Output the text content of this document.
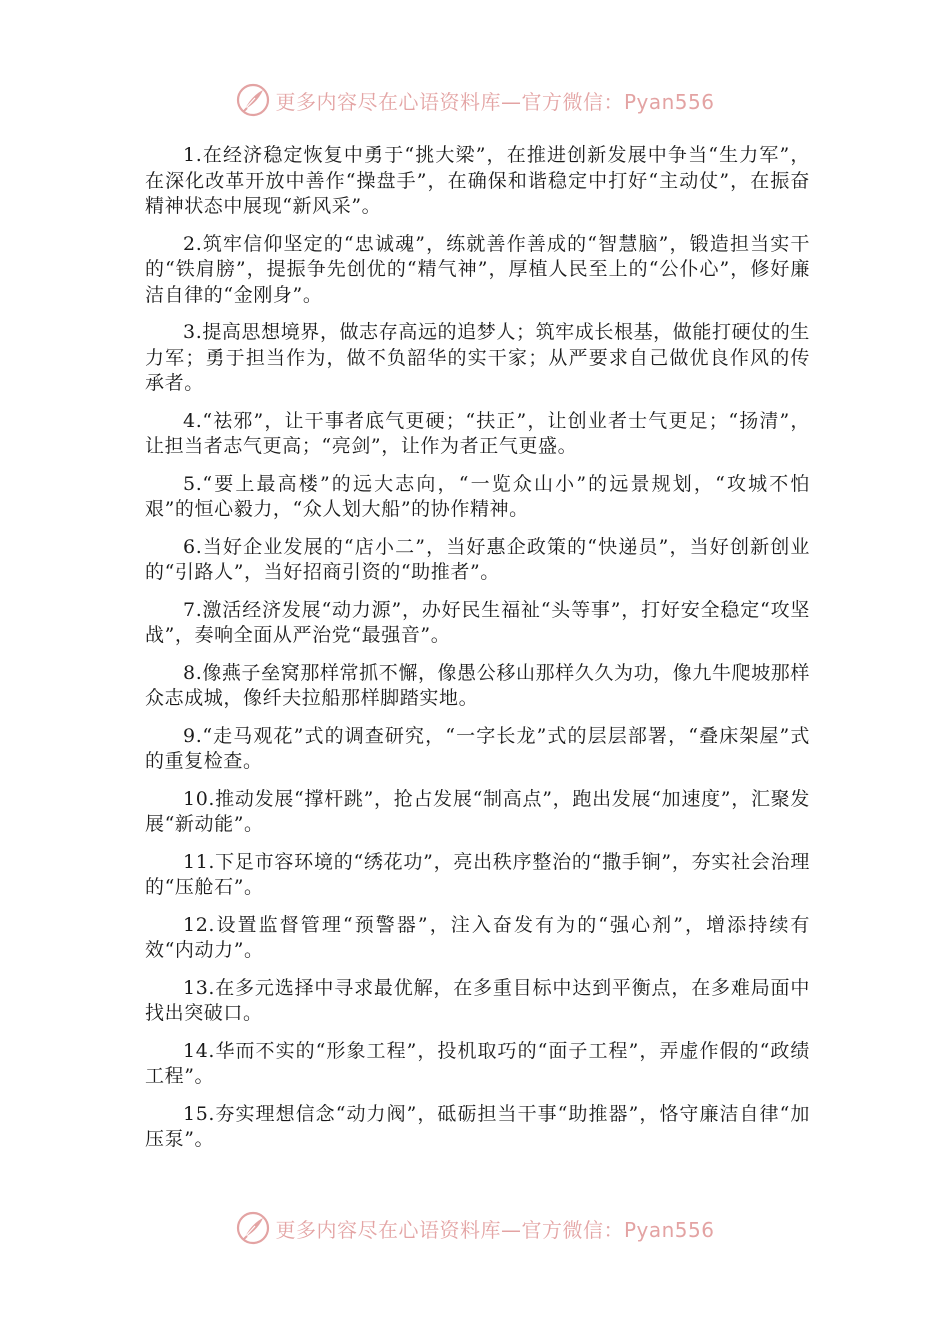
更多内容尽在心语资料库—官方微信：Pyan556

1.在经济稳定恢复中勇于“挑大梁”，在推进创新发展中争当“生力军”，在深化改革开放中善作“操盘手”，在确保和谐稳定中打好“主动仗”，在振奋精神状态中展现“新风采”。

2.筑牢信仰坚定的“忠诚魂”，练就善作善成的“智慧脑”，锻造担当实干的“铁肩膀”，提振争先创优的“精气神”，厚植人民至上的“公仆心”，修好廉洁自律的“金刚身”。

3.提高思想境界，做志存高远的追梦人；筑牢成长根基，做能打硬仗的生力军；勇于担当作为，做不负韶华的实干家；从严要求自己做优良作风的传承者。

4.“祛邪”，让干事者底气更硬；“扶正”，让创业者士气更足；“扬清”，让担当者志气更高；“亮剑”，让作为者正气更盛。

5.“要上最高楼”的远大志向，“一览众山小”的远景规划，“攻城不怕艰”的恒心毅力，“众人划大船”的协作精神。

6.当好企业发展的“店小二”，当好惠企政策的“快递员”，当好创新创业的“引路人”，当好招商引资的“助推者”。

7.激活经济发展“动力源”，办好民生福祉“头等事”，打好安全稳定“攻坚战”，奏响全面从严治党“最强音”。

8.像燕子垒窝那样常抓不懈，像愚公移山那样久久为功，像九牛爬坡那样众志成城，像纤夫拉船那样脚踏实地。

9.“走马观花”式的调查研究，“一字长龙”式的层层部署，“叠床架屋”式的重复检查。

10.推动发展“撑杆跳”，抢占发展“制高点”，跑出发展“加速度”，汇聚发展“新动能”。

11.下足市容环境的“绣花功”，亮出秩序整治的“撒手锏”，夯实社会治理的“压舱石”。

12.设置监督管理“预警器”，注入奋发有为的“强心剂”，增添持续有效“内动力”。

13.在多元选择中寻求最优解，在多重目标中达到平衡点，在多难局面中找出突破口。

14.华而不实的“形象工程”，投机取巧的“面子工程”，弄虚作假的“政绩工程”。

15.夯实理想信念“动力阀”，砥砺担当干事“助推器”，恪守廉洁自律“加压泵”。

更多内容尽在心语资料库—官方微信：Pyan556
